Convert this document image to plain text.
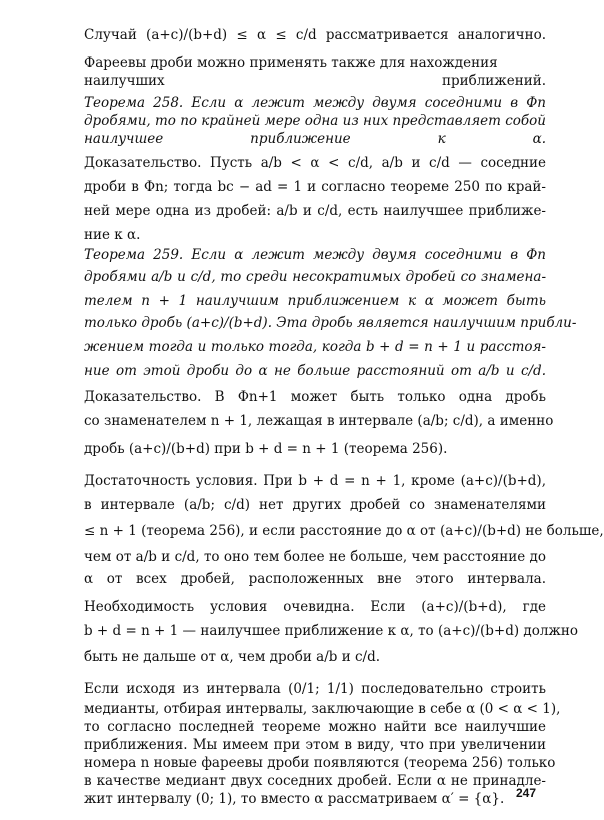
Случай (a+c)/(b+d) ≤ α ≤ c/d рассматривается аналогично.
Фареевы дроби можно применять также для нахождения
наилучших приближений.
Теорема 258. Если α лежит между двумя соседними в Φn
дробями, то по крайней мере одна из них представляет собой
наилучшее приближение к α.
Доказательство. Пусть a/b < α < c/d, a/b и c/d — соседние
дроби в Φn; тогда bc − ad = 1 и согласно теореме 250 по край-
ней мере одна из дробей: a/b и c/d, есть наилучшее приближе-
ние к α.
Теорема 259. Если α лежит между двумя соседними в Φn
дробями a/b и c/d, то среди несократимых дробей со знамена-
телем n + 1 наилучшим приближением к α может быть
только дробь (a+c)/(b+d). Эта дробь является наилучшим прибли-
жением тогда и только тогда, когда b + d = n + 1 и расстоя-
ние от этой дроби до α не больше расстояний от a/b и c/d.
Доказательство. В Φn+1 может быть только одна дробь
со знаменателем n + 1, лежащая в интервале (a/b; c/d), а именно
дробь (a+c)/(b+d) при b + d = n + 1 (теорема 256).
Достаточность условия. При b + d = n + 1, кроме (a+c)/(b+d),
в интервале (a/b; c/d) нет других дробей со знаменателями
≤ n + 1 (теорема 256), и если расстояние до α от (a+c)/(b+d) не больше,
чем от a/b и c/d, то оно тем более не больше, чем расстояние до
α от всех дробей, расположенных вне этого интервала.
Необходимость условия очевидна. Если (a+c)/(b+d), где
b + d = n + 1 — наилучшее приближение к α, то (a+c)/(b+d) должно
быть не дальше от α, чем дроби a/b и c/d.
Если исходя из интервала (0/1; 1/1) последовательно строить
медианты, отбирая интервалы, заключающие в себе α (0 < α < 1),
то согласно последней теореме можно найти все наилучшие
приближения. Мы имеем при этом в виду, что при увеличении
номера n новые фареевы дроби появляются (теорема 256) только
в качестве медиант двух соседних дробей. Если α не принадле-
жит интервалу (0; 1), то вместо α рассматриваем α′ = {α}. 247
